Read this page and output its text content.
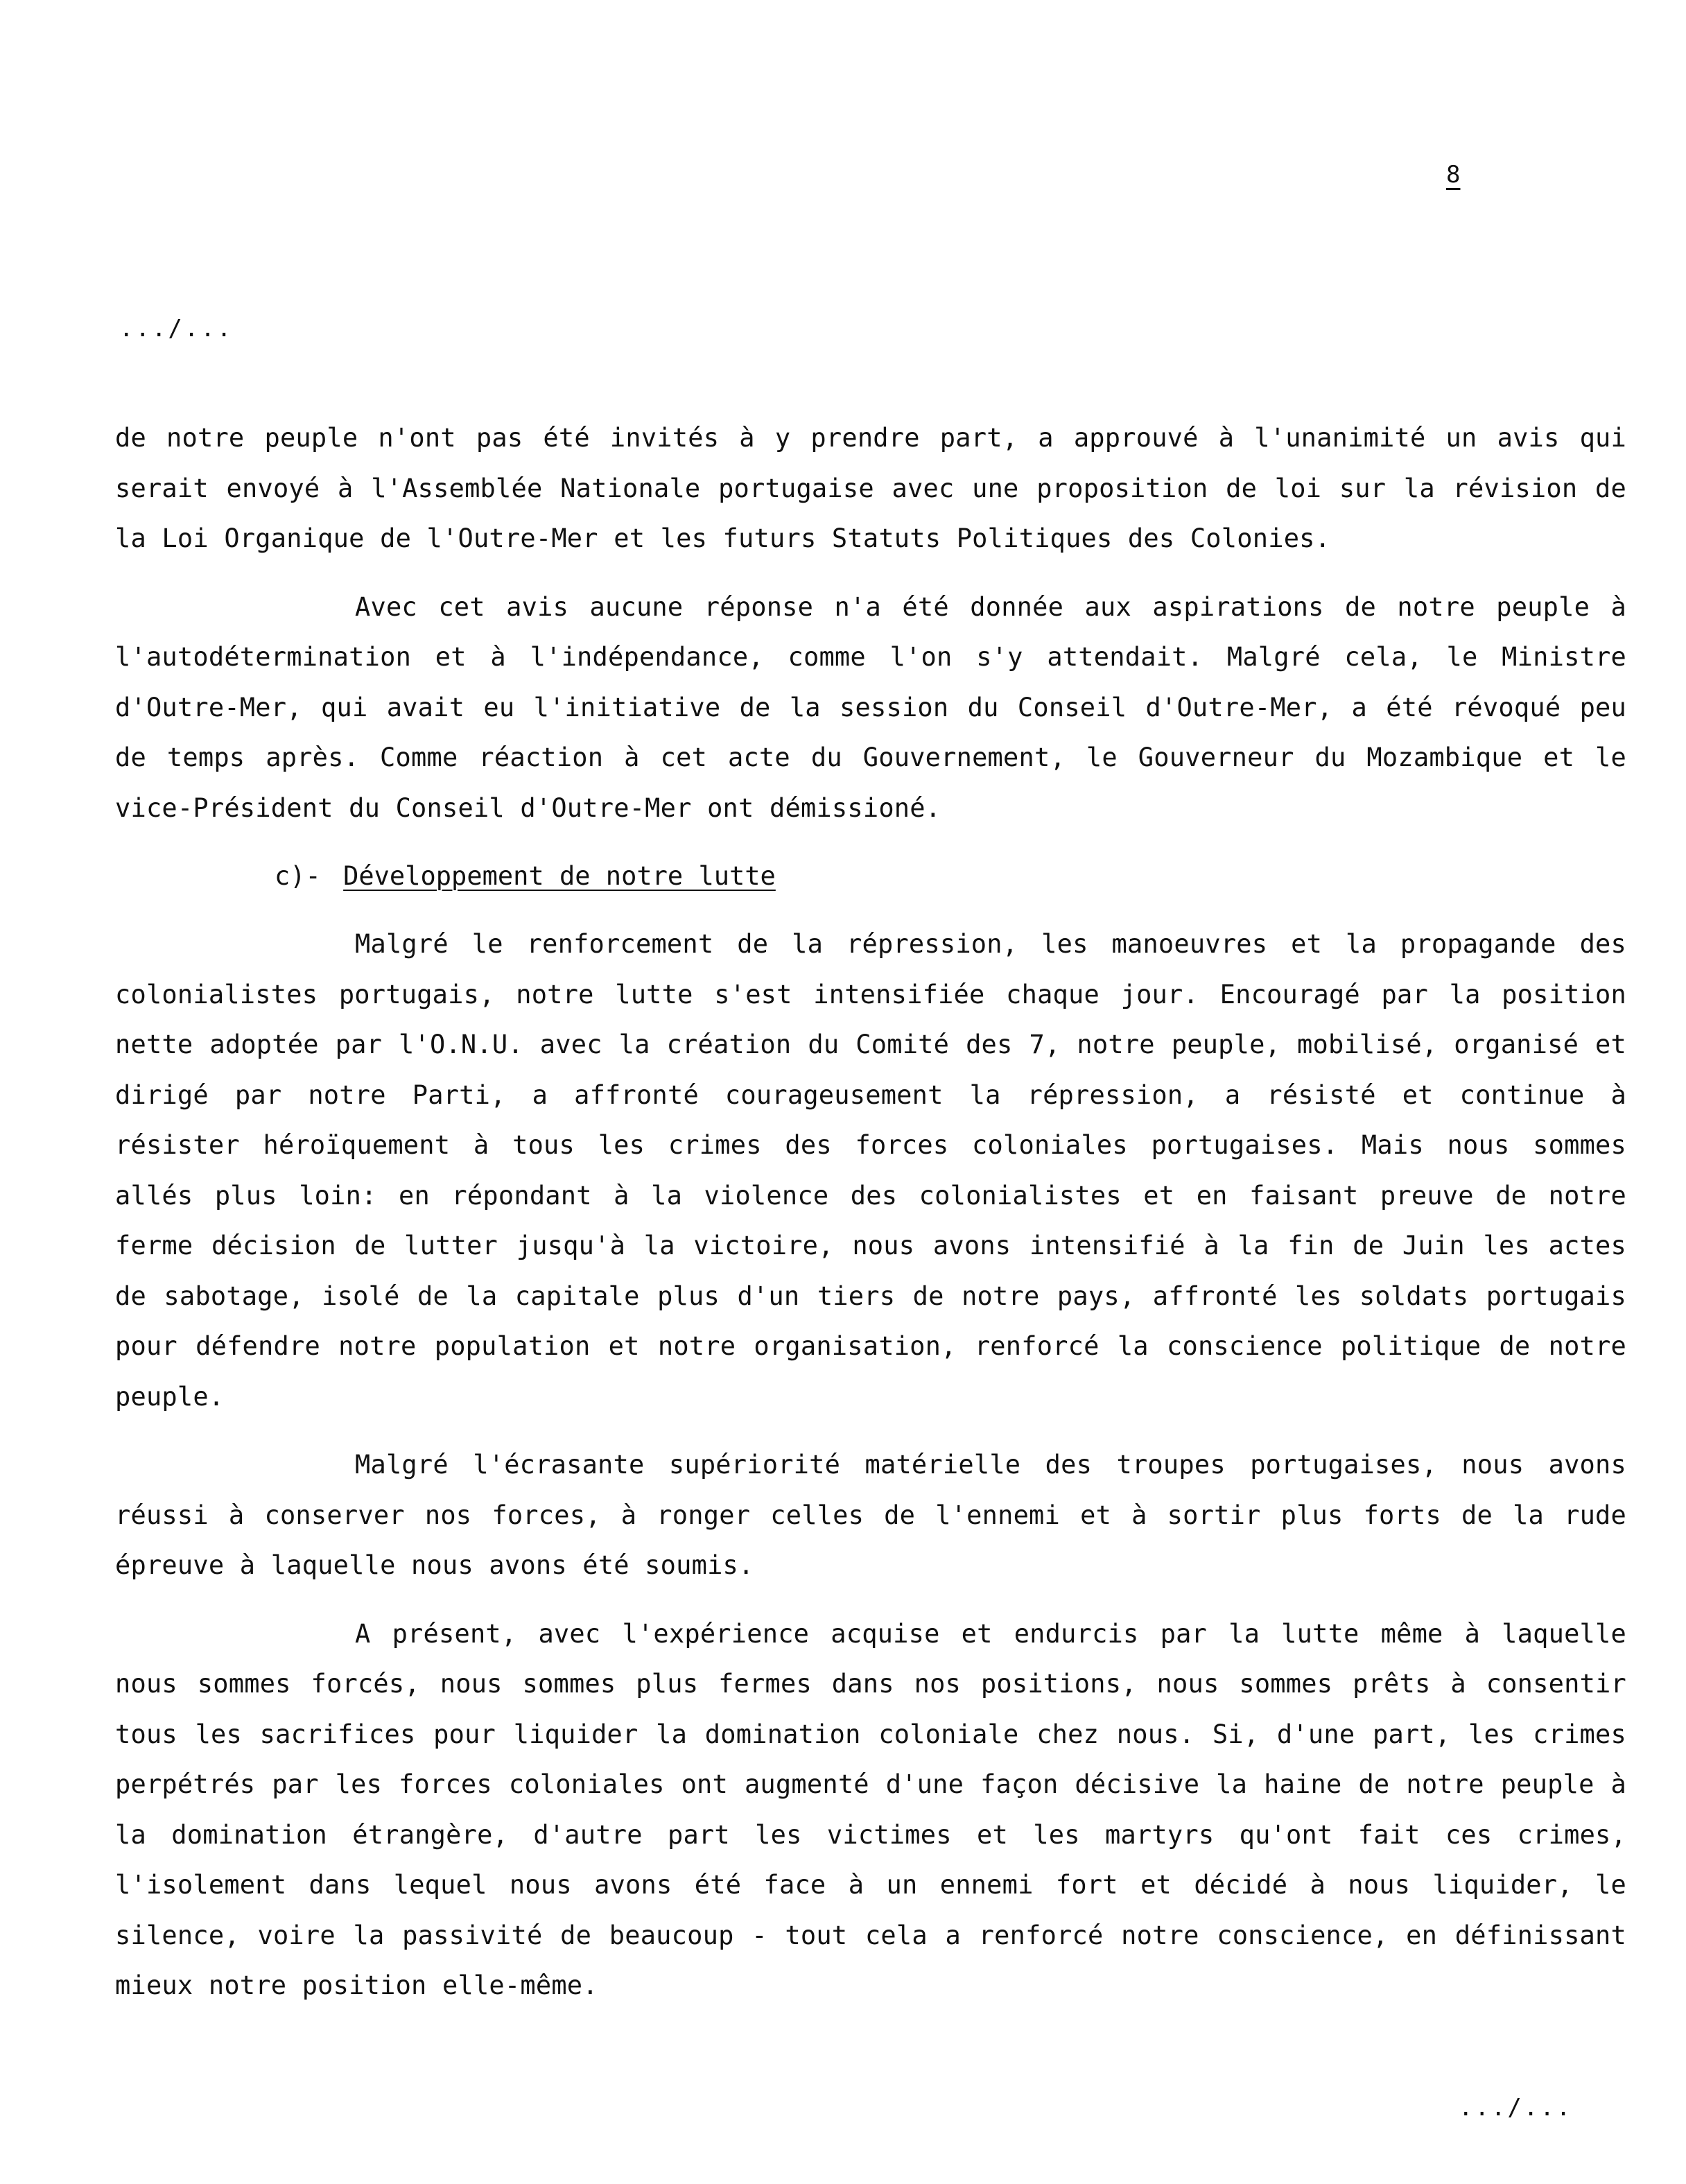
8
.../...

de notre peuple n'ont pas été invités à y prendre part, a approuvé à l'unanimité un avis qui serait envoyé à l'Assemblée Nationale portugaise avec une proposition de loi sur la révision de la Loi Organique de l'Outre-Mer et les futurs Statuts Politiques des Colonies.

Avec cet avis aucune réponse n'a été donnée aux aspirations de notre peuple à l'autodétermination et à l'indépendance, comme l'on s'y attendait. Malgré cela, le Ministre d'Outre-Mer, qui avait eu l'initiative de la session du Conseil d'Outre-Mer, a été révoqué peu de temps après. Comme réaction à cet acte du Gouvernement, le Gouverneur du Mozambique et le vice-Président du Conseil d'Outre-Mer ont démissioné.

c)- Développement de notre lutte

Malgré le renforcement de la répression, les manoeuvres et la propagande des colonialistes portugais, notre lutte s'est intensifiée chaque jour. Encouragé par la position nette adoptée par l'O.N.U. avec la création du Comité des 7, notre peuple, mobilisé, organisé et dirigé par notre Parti, a affronté courageusement la répression, a résisté et continue à résister héroïquement à tous les crimes des forces coloniales portugaises. Mais nous sommes allés plus loin: en répondant à la violence des colonialistes et en faisant preuve de notre ferme décision de lutter jusqu'à la victoire, nous avons intensifié à la fin de Juin les actes de sabotage, isolé de la capitale plus d'un tiers de notre pays, affronté les soldats portugais pour défendre notre population et notre organisation, renforcé la conscience politique de notre peuple.

Malgré l'écrasante supériorité matérielle des troupes portugaises, nous avons réussi à conserver nos forces, à ronger celles de l'ennemi et à sortir plus forts de la rude épreuve à laquelle nous avons été soumis.

A présent, avec l'expérience acquise et endurcis par la lutte même à laquelle nous sommes forcés, nous sommes plus fermes dans nos positions, nous sommes prêts à consentir tous les sacrifices pour liquider la domination coloniale chez nous. Si, d'une part, les crimes perpétrés par les forces coloniales ont augmenté d'une façon décisive la haine de notre peuple à la domination étrangère, d'autre part les victimes et les martyrs qu'ont fait ces crimes, l'isolement dans lequel nous avons été face à un ennemi fort et décidé à nous liquider, le silence, voire la passivité de beaucoup - tout cela a renforcé notre conscience, en définissant mieux notre position elle-même.

.../...
